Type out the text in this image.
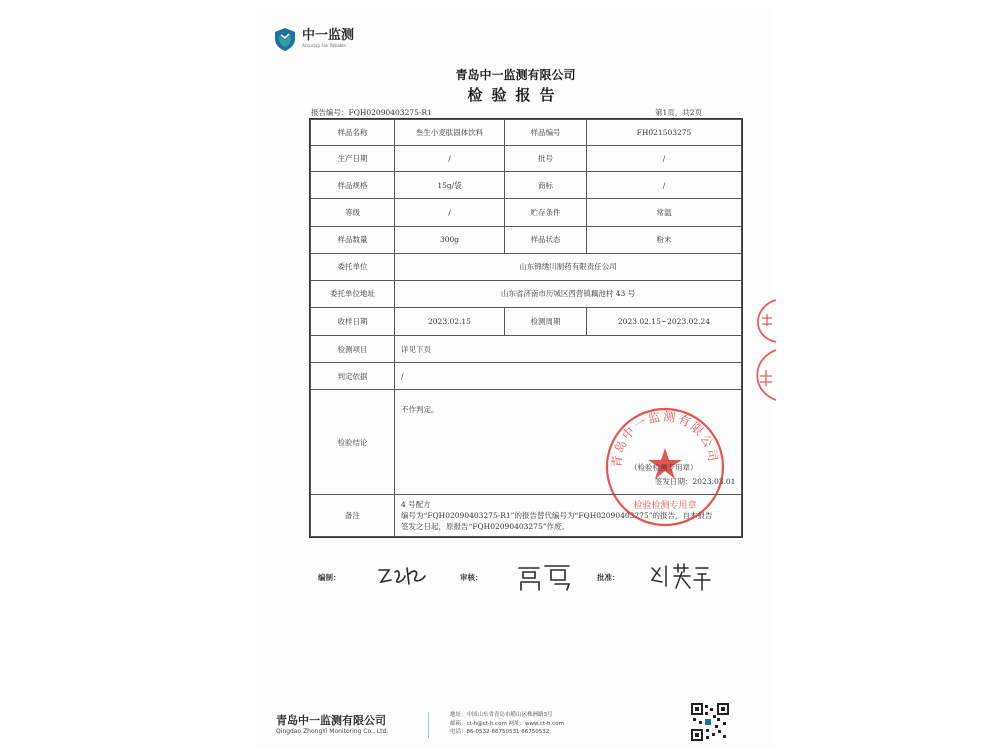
中一监测
Accuracy Fair Reliable
青岛中一监测有限公司
检验报告
报告编号：FQH02090403275-R1	第1页，共2页
样品名称	叁生小麦肽固体饮料	样品编号	FH021503275
生产日期	/	批号	/
样品规格	15g/袋	商标	/
等级	/	贮存条件	常温
样品数量	300g	样品状态	粉末
委托单位	山东锦绣川制药有限责任公司		
委托单位地址	山东省济南市历城区西营镇藕池村 43 号		
收样日期	2023.02.15	检测周期	2023.02.15~2023.02.24
检测项目	详见下页		
判定依据	/		
检验结论	不作判定。		

备注	4 号配方
编号为“FQH02090403275-R1”的报告替代编号为“FQH02090403275”的报告，自本报告
签发之日起，原报告“FQH02090403275”作废。		
青岛中一监测有限公司
检验检测专用章
（检验检测专用章）
签发日期：2023.03.01
编制：	审核：	批准：
青岛中一监测有限公司
Qingdao ZhongYi Monitoring Co., Ltd.
地址：中国山东省青岛市崂山区株洲路3号
邮箱：ct-h@ct-h.com 网址：www.ct-h.com
电话：86-0532-66750531 66750532
